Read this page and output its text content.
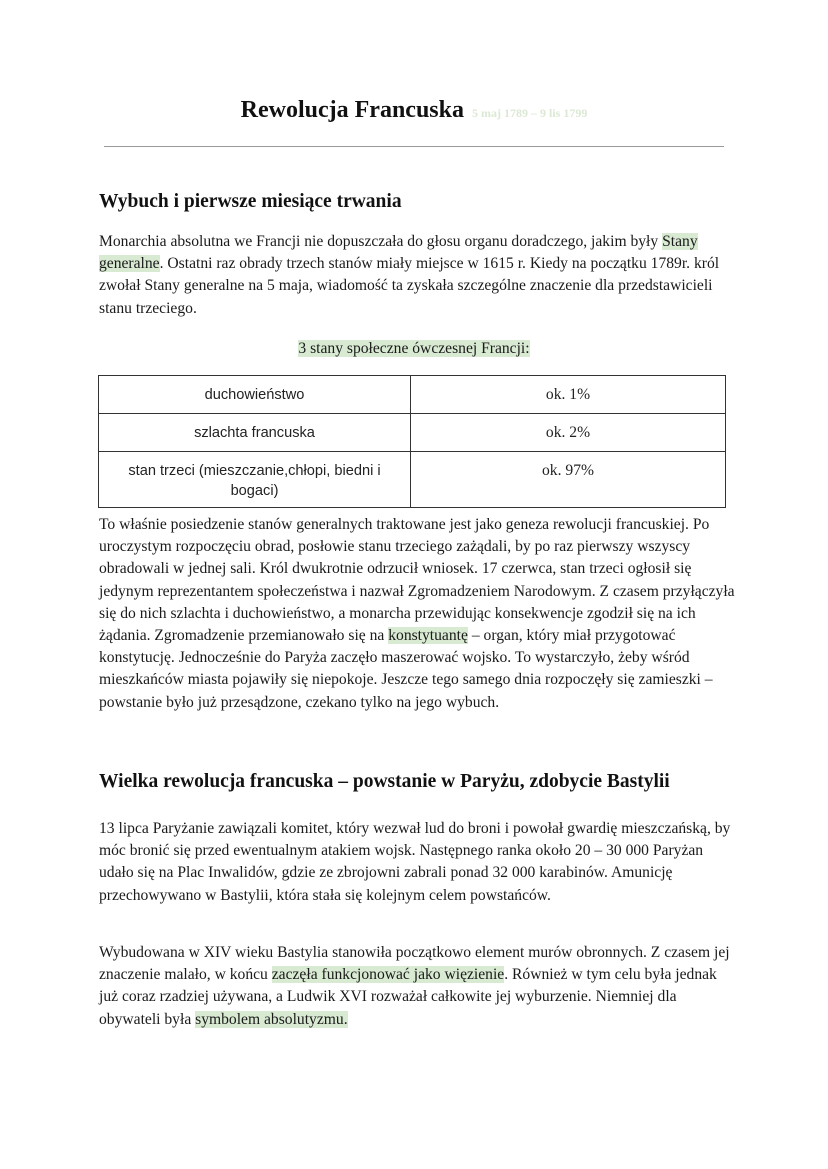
Rewolucja Francuska 5 maj 1789 – 9 lis 1799
Wybuch i pierwsze miesiące trwania

Monarchia absolutna we Francji nie dopuszczała do głosu organu doradczego, jakim były Stany generalne. Ostatni raz obrady trzech stanów miały miejsce w 1615 r. Kiedy na początku 1789r. król zwołał Stany generalne na 5 maja, wiadomość ta zyskała szczególne znaczenie dla przedstawicieli stanu trzeciego.

3 stany społeczne ówczesnej Francji:
duchowieństwo	ok. 1%

szlachta francuska	ok. 2%

stan trzeci (mieszczanie,chłopi, biedni i bogaci)	ok. 97%

To właśnie posiedzenie stanów generalnych traktowane jest jako geneza rewolucji francuskiej. Po uroczystym rozpoczęciu obrad, posłowie stanu trzeciego zażądali, by po raz pierwszy wszyscy obradowali w jednej sali. Król dwukrotnie odrzucił wniosek. 17 czerwca, stan trzeci ogłosił się jedynym reprezentantem społeczeństwa i nazwał Zgromadzeniem Narodowym. Z czasem przyłączyła się do nich szlachta i duchowieństwo, a monarcha przewidując konsekwencje zgodził się na ich żądania. Zgromadzenie przemianowało się na konstytuantę – organ, który miał przygotować konstytucję. Jednocześnie do Paryża zaczęło maszerować wojsko. To wystarczyło, żeby wśród mieszkańców miasta pojawiły się niepokoje. Jeszcze tego samego dnia rozpoczęły się zamieszki –powstanie było już przesądzone, czekano tylko na jego wybuch.

Wielka rewolucja francuska – powstanie w Paryżu, zdobycie Bastylii

13 lipca Paryżanie zawiązali komitet, który wezwał lud do broni i powołał gwardię mieszczańską, by móc bronić się przed ewentualnym atakiem wojsk. Następnego ranka około 20 – 30 000 Paryżan udało się na Plac Inwalidów, gdzie ze zbrojowni zabrali ponad 32 000 karabinów. Amunicję przechowywano w Bastylii, która stała się kolejnym celem powstańców.

Wybudowana w XIV wieku Bastylia stanowiła początkowo element murów obronnych. Z czasem jej znaczenie malało, w końcu zaczęła funkcjonować jako więzienie. Również w tym celu była jednak już coraz rzadziej używana, a Ludwik XVI rozważał całkowite jej wyburzenie. Niemniej dla obywateli była symbolem absolutyzmu.
